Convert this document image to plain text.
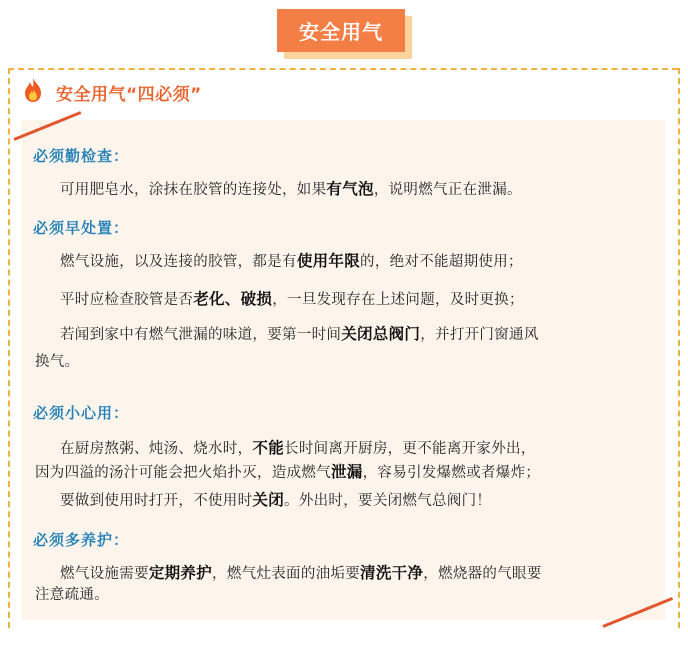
安全用气
安全用气“四必须”
必须勤检查：
可用肥皂水，涂抹在胶管的连接处，如果有气泡，说明燃气正在泄漏。
必须早处置：
燃气设施，以及连接的胶管，都是有使用年限的，绝对不能超期使用；
平时应检查胶管是否老化、破损，一旦发现存在上述问题，及时更换；
若闻到家中有燃气泄漏的味道，要第一时间关闭总阀门，并打开门窗通风
换气。
必须小心用：
在厨房熬粥、炖汤、烧水时，不能长时间离开厨房，更不能离开家外出，
因为四溢的汤汁可能会把火焰扑灭，造成燃气泄漏，容易引发爆燃或者爆炸；
要做到使用时打开，不使用时关闭。外出时，要关闭燃气总阀门！
必须多养护：
燃气设施需要定期养护，燃气灶表面的油垢要清洗干净，燃烧器的气眼要
注意疏通。
